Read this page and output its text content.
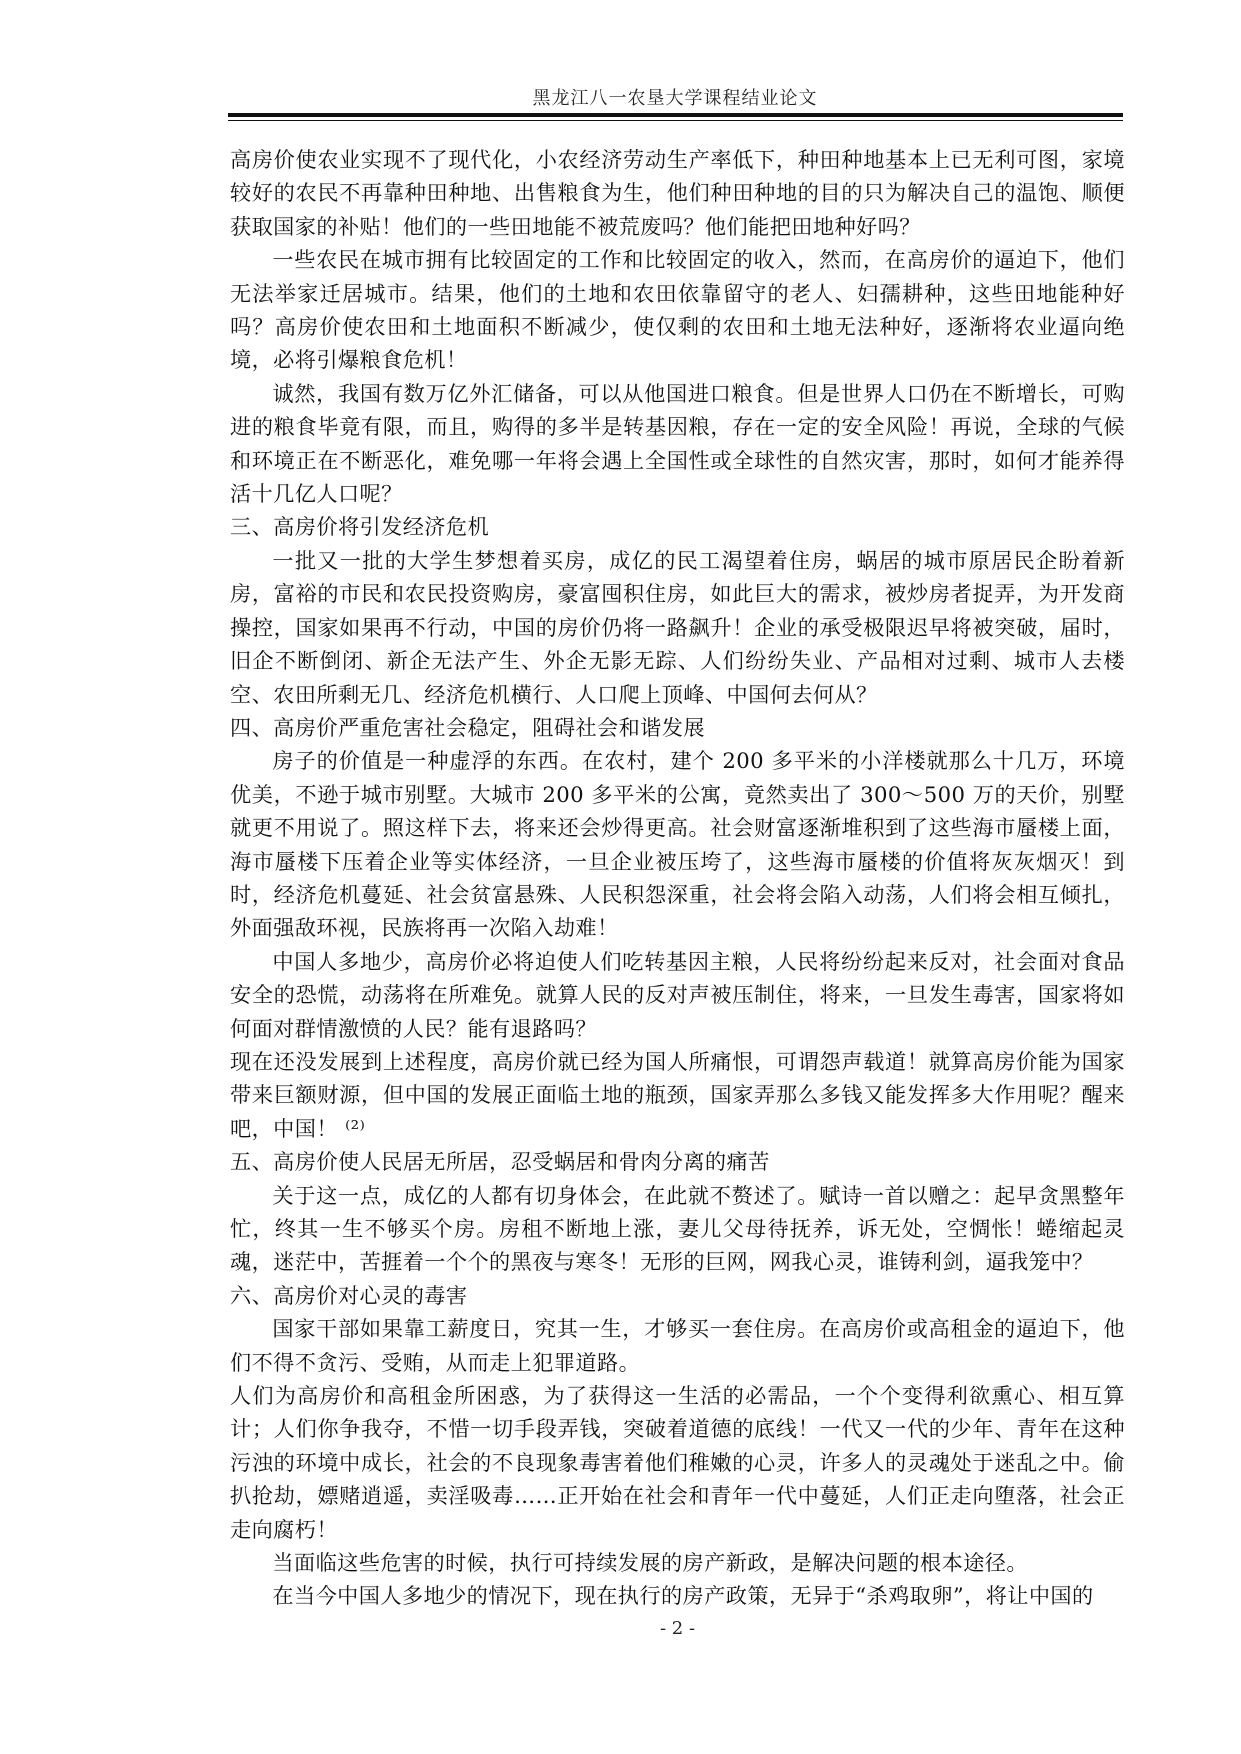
黑龙江八一农垦大学课程结业论文

高房价使农业实现不了现代化，小农经济劳动生产率低下，种田种地基本上已无利可图，家境较好的农民不再靠种田种地、出售粮食为生，他们种田种地的目的只为解决自己的温饱、顺便获取国家的补贴！他们的一些田地能不被荒废吗？他们能把田地种好吗？

一些农民在城市拥有比较固定的工作和比较固定的收入，然而，在高房价的逼迫下，他们无法举家迁居城市。结果，他们的土地和农田依靠留守的老人、妇孺耕种，这些田地能种好吗？高房价使农田和土地面积不断减少，使仅剩的农田和土地无法种好，逐渐将农业逼向绝境，必将引爆粮食危机！

诚然，我国有数万亿外汇储备，可以从他国进口粮食。但是世界人口仍在不断增长，可购进的粮食毕竟有限，而且，购得的多半是转基因粮，存在一定的安全风险！再说，全球的气候和环境正在不断恶化，难免哪一年将会遇上全国性或全球性的自然灾害，那时，如何才能养得活十几亿人口呢？

三、高房价将引发经济危机

一批又一批的大学生梦想着买房，成亿的民工渴望着住房，蜗居的城市原居民企盼着新房，富裕的市民和农民投资购房，豪富囤积住房，如此巨大的需求，被炒房者捉弄，为开发商操控，国家如果再不行动，中国的房价仍将一路飙升！企业的承受极限迟早将被突破，届时，旧企不断倒闭、新企无法产生、外企无影无踪、人们纷纷失业、产品相对过剩、城市人去楼空、农田所剩无几、经济危机横行、人口爬上顶峰、中国何去何从？

四、高房价严重危害社会稳定，阻碍社会和谐发展

房子的价值是一种虚浮的东西。在农村，建个 200 多平米的小洋楼就那么十几万，环境优美，不逊于城市别墅。大城市 200 多平米的公寓，竟然卖出了 300～500 万的天价，别墅就更不用说了。照这样下去，将来还会炒得更高。社会财富逐渐堆积到了这些海市蜃楼上面，海市蜃楼下压着企业等实体经济，一旦企业被压垮了，这些海市蜃楼的价值将灰灰烟灭！到时，经济危机蔓延、社会贫富悬殊、人民积怨深重，社会将会陷入动荡，人们将会相互倾扎，外面强敌环视，民族将再一次陷入劫难！

中国人多地少，高房价必将迫使人们吃转基因主粮，人民将纷纷起来反对，社会面对食品安全的恐慌，动荡将在所难免。就算人民的反对声被压制住，将来，一旦发生毒害，国家将如何面对群情激愤的人民？能有退路吗？

现在还没发展到上述程度，高房价就已经为国人所痛恨，可谓怨声载道！就算高房价能为国家带来巨额财源，但中国的发展正面临土地的瓶颈，国家弄那么多钱又能发挥多大作用呢？醒来吧，中国！ ⁽²⁾

五、高房价使人民居无所居，忍受蜗居和骨肉分离的痛苦

关于这一点，成亿的人都有切身体会，在此就不赘述了。赋诗一首以赠之：起早贪黑整年忙，终其一生不够买个房。房租不断地上涨，妻儿父母待抚养，诉无处，空惆怅！蜷缩起灵魂，迷茫中，苦捱着一个个的黑夜与寒冬！无形的巨网，网我心灵，谁铸利剑，逼我笼中？

六、高房价对心灵的毒害

国家干部如果靠工薪度日，究其一生，才够买一套住房。在高房价或高租金的逼迫下，他们不得不贪污、受贿，从而走上犯罪道路。

人们为高房价和高租金所困惑，为了获得这一生活的必需品，一个个变得利欲熏心、相互算计；人们你争我夺，不惜一切手段弄钱，突破着道德的底线！一代又一代的少年、青年在这种污浊的环境中成长，社会的不良现象毒害着他们稚嫩的心灵，许多人的灵魂处于迷乱之中。偷扒抢劫，嫖赌逍遥，卖淫吸毒……正开始在社会和青年一代中蔓延，人们正走向堕落，社会正走向腐朽！

当面临这些危害的时候，执行可持续发展的房产新政，是解决问题的根本途径。

在当今中国人多地少的情况下，现在执行的房产政策，无异于“杀鸡取卵”，将让中国的

- 2 -
